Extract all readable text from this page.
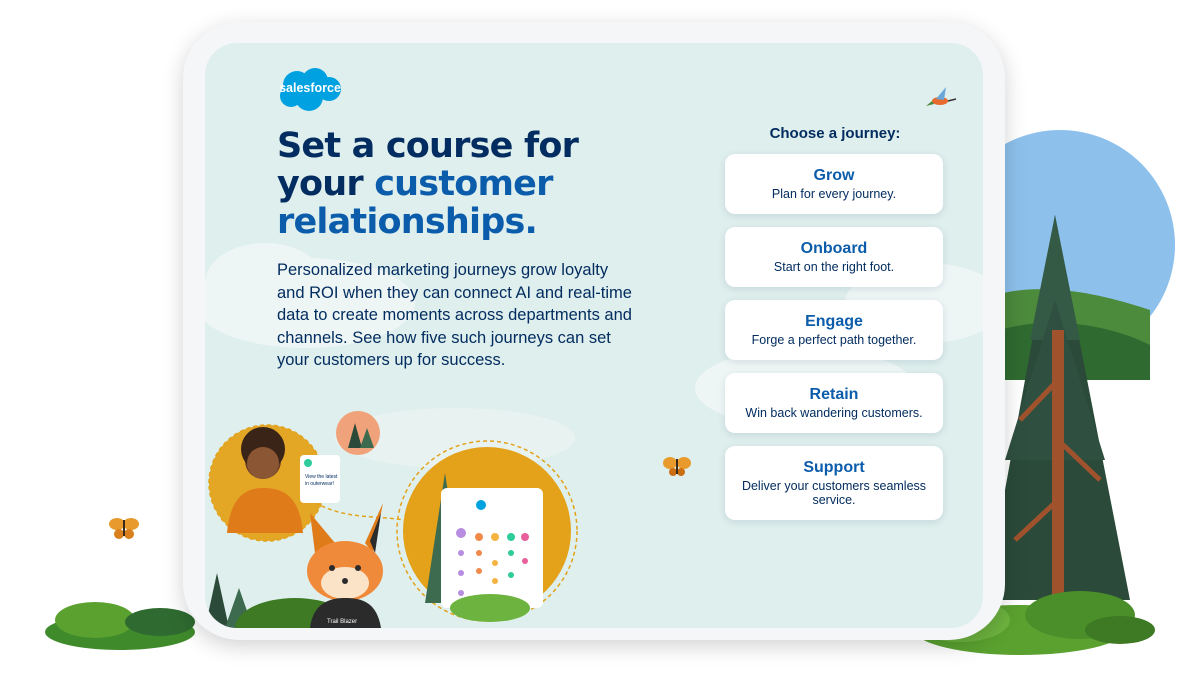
salesforce
Set a course for your customer relationships.

Personalized marketing journeys grow loyalty and ROI when they can connect AI and real-time data to create moments across departments and channels. See how five such journeys can set your customers up for success.

Choose a journey:
Grow
Plan for every journey.
Onboard
Start on the right foot.
Engage
Forge a perfect path together.
Retain
Win back wandering customers.
Support
Deliver your customers seamless service.
View the latest
in outerwear!
Trail Blazer
